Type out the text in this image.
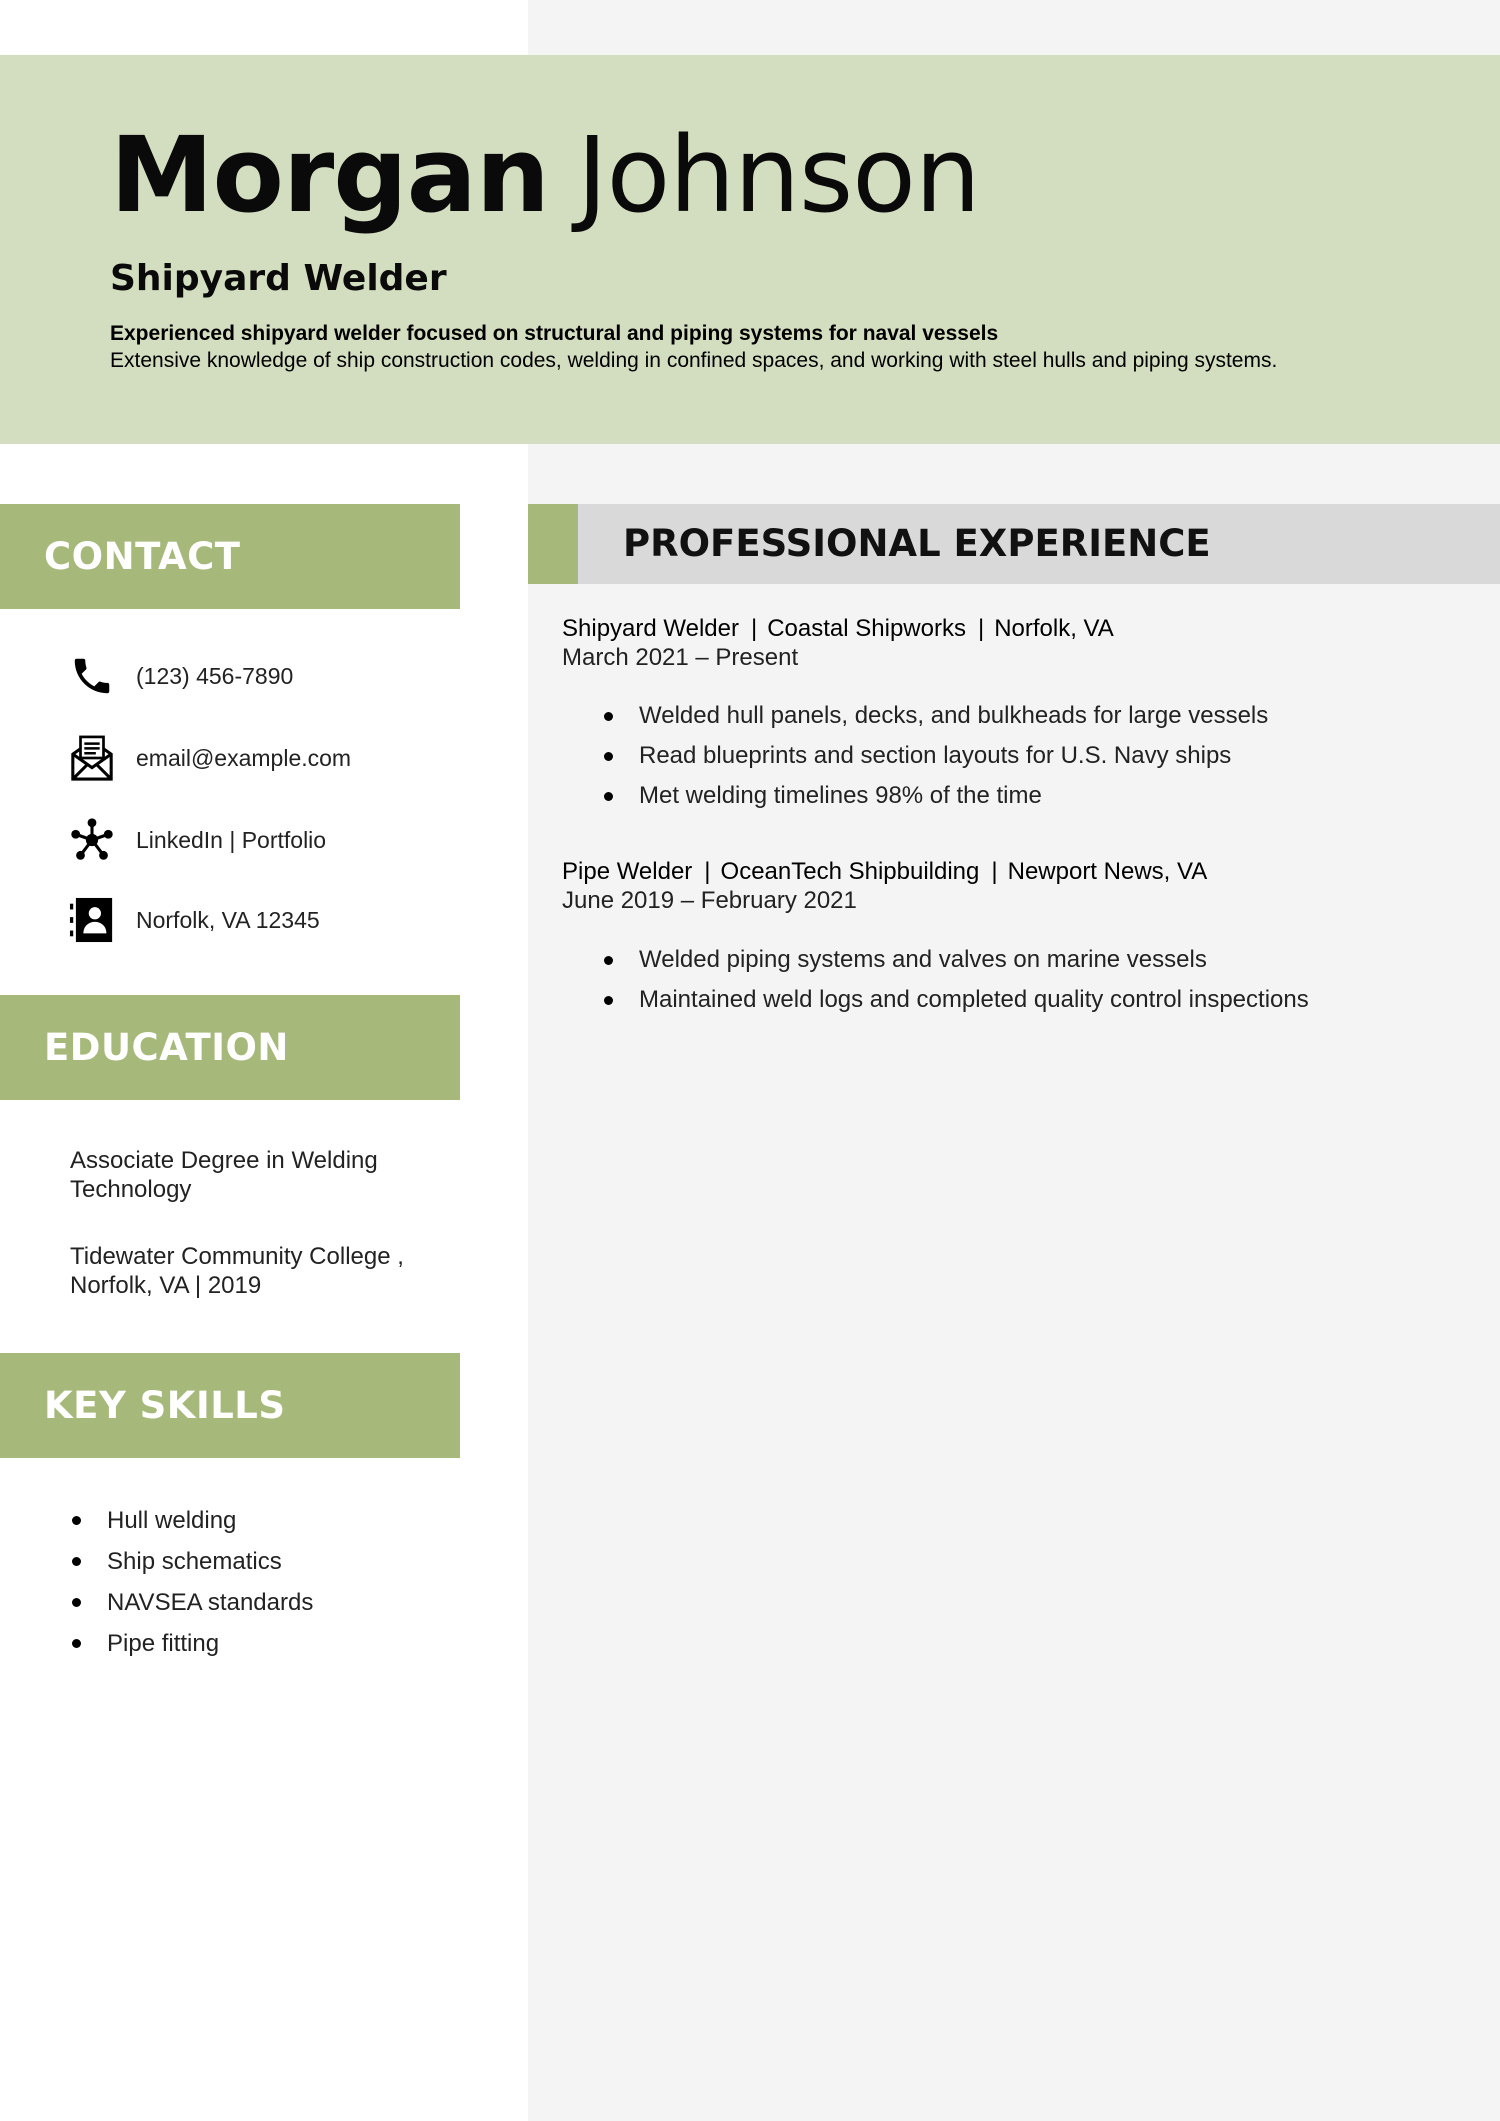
Morgan Johnson
Shipyard Welder
Experienced shipyard welder focused on structural and piping systems for naval vessels
Extensive knowledge of ship construction codes, welding in confined spaces, and working with steel hulls and piping systems.
CONTACT
(123) 456-7890
email@example.com
LinkedIn | Portfolio
Norfolk, VA 12345
EDUCATION
Associate Degree in Welding Technology
Tidewater Community College , Norfolk, VA | 2019
KEY SKILLS
Hull welding
Ship schematics
NAVSEA standards
Pipe fitting
PROFESSIONAL EXPERIENCE
Shipyard Welder | Coastal Shipworks | Norfolk, VA
March 2021 – Present
Welded hull panels, decks, and bulkheads for large vessels
Read blueprints and section layouts for U.S. Navy ships
Met welding timelines 98% of the time
Pipe Welder | OceanTech Shipbuilding | Newport News, VA
June 2019 – February 2021
Welded piping systems and valves on marine vessels
Maintained weld logs and completed quality control inspections
